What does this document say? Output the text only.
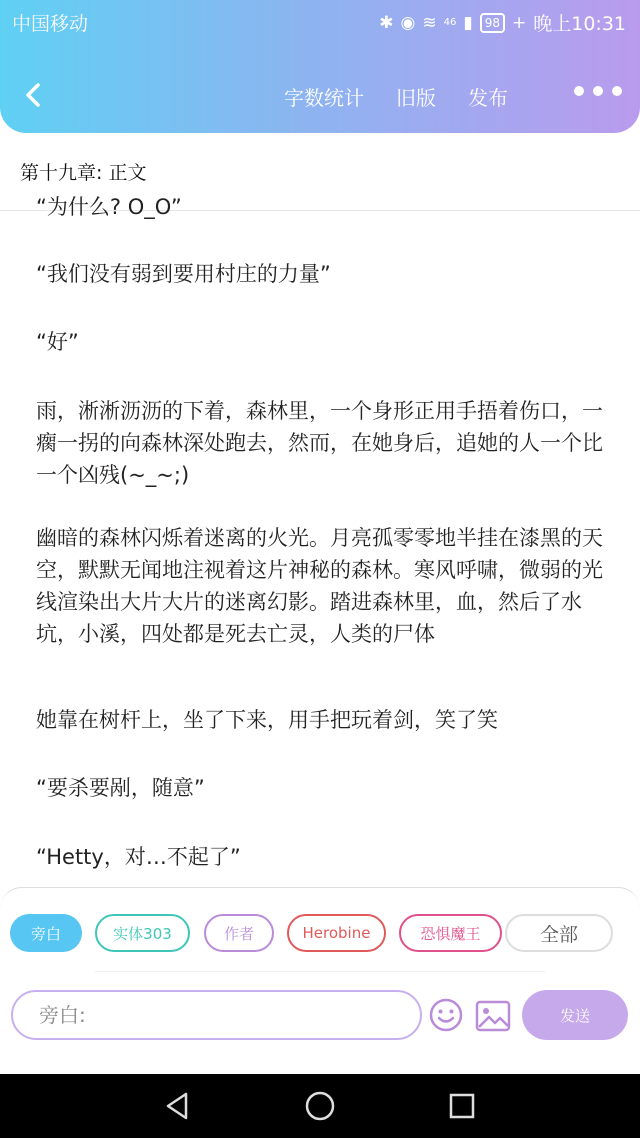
中国移动	✱ ◉ ≋ 46 ▮	98 + 晚上10:31
字数统计 旧版 发布
第十九章: 正文
“为什么? O_O”
“我们没有弱到要用村庄的力量”
“好”
雨，淅淅沥沥的下着，森林里，一个身形正用手捂着伤口，一瘸一拐的向森林深处跑去，然而，在她身后，追她的人一个比一个凶残(~_~;)
幽暗的森林闪烁着迷离的火光。月亮孤零零地半挂在漆黑的天空，默默无闻地注视着这片神秘的森林。寒风呼啸，微弱的光线渲染出大片大片的迷离幻影。踏进森林里，血，然后了水坑，小溪，四处都是死去亡灵，人类的尸体
她靠在树杆上，坐了下来，用手把玩着剑，笑了笑
“要杀要剐，随意”
“Hetty，对…不起了”
旁白	实体303	作者	Herobine	恐惧魔王	全部
旁白:	发送
